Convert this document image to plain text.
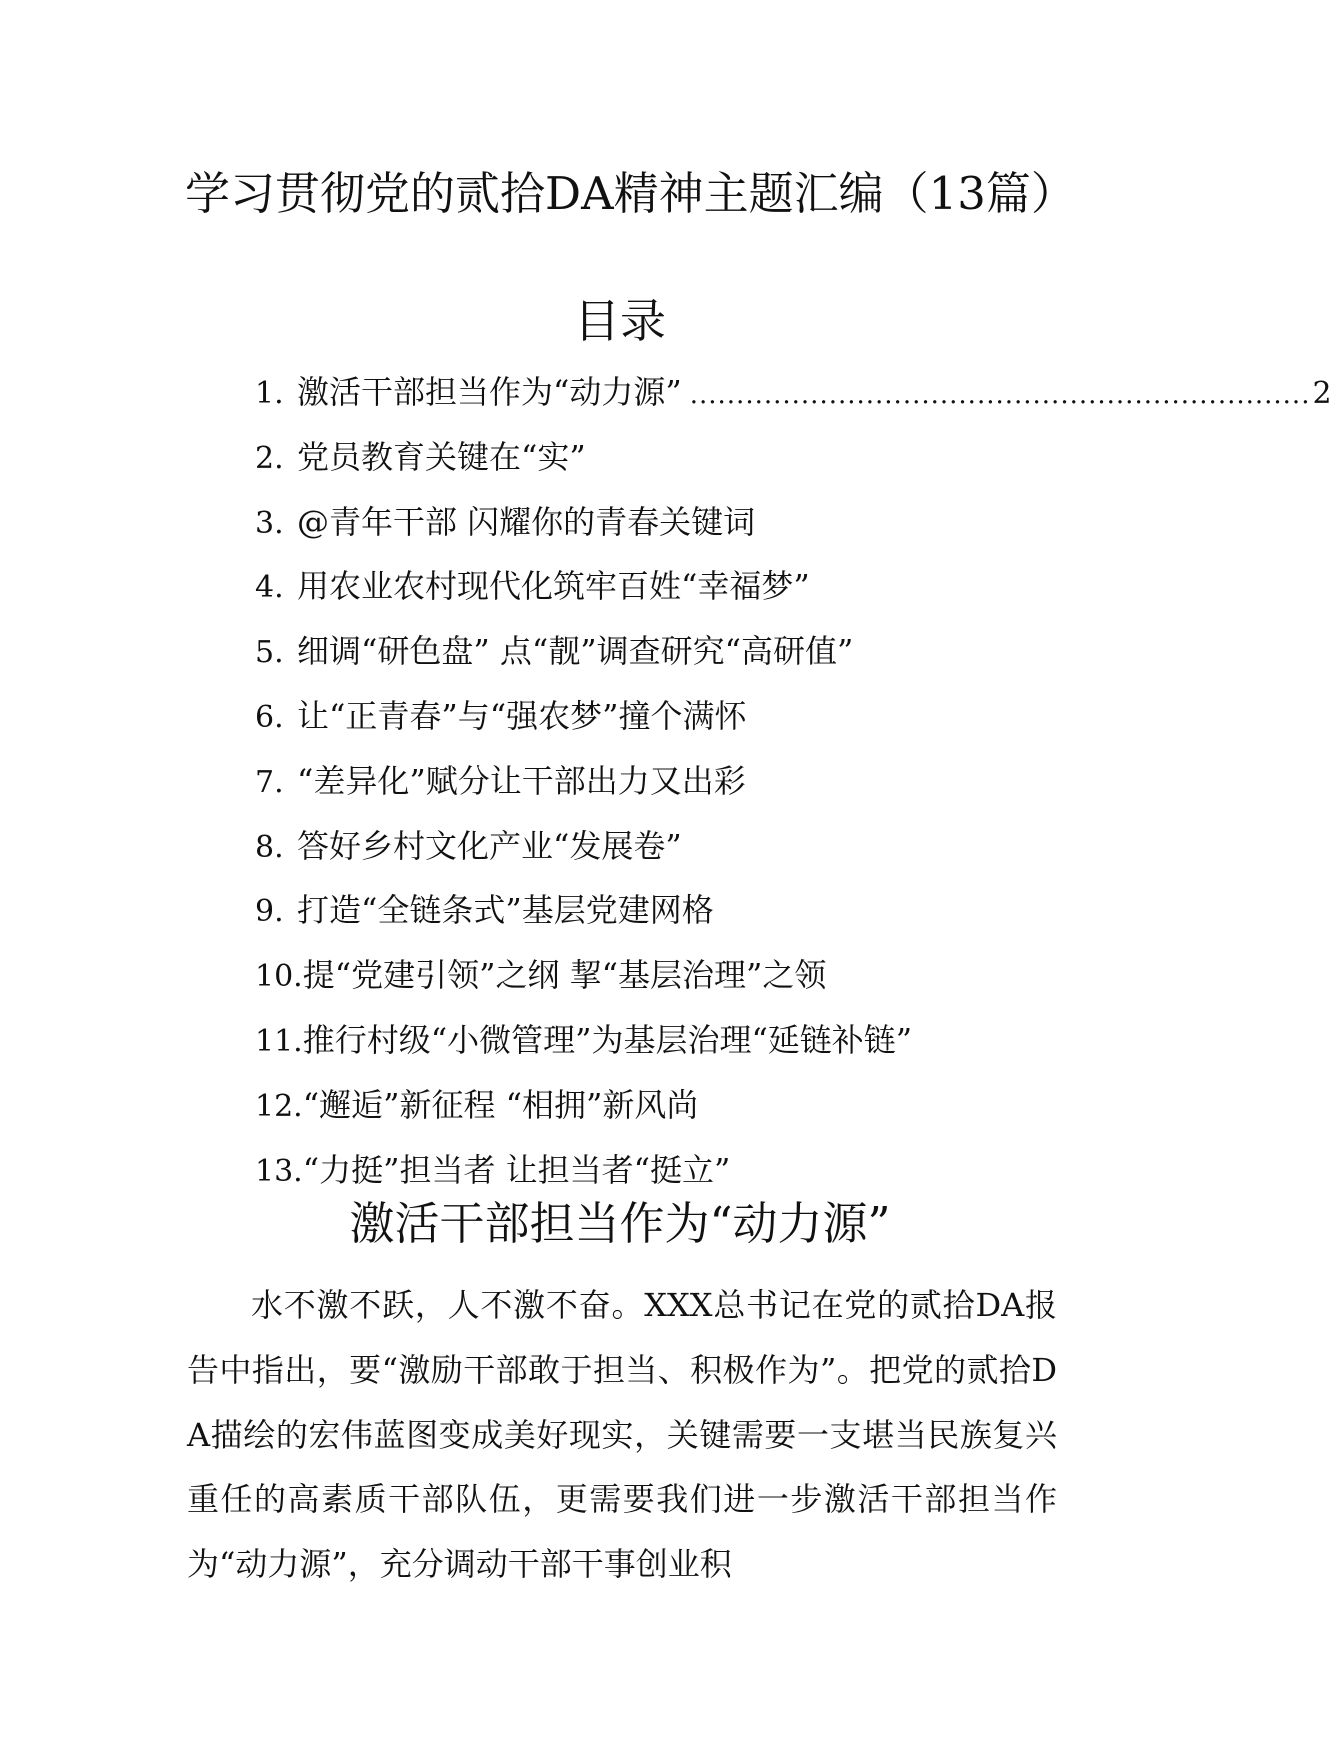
学习贯彻党的贰拾DA精神主题汇编（13篇）
目录
1. 激活干部担当作为“动力源” ................................................................... 2
2. 党员教育关键在“实”
3. @青年干部 闪耀你的青春关键词
4. 用农业农村现代化筑牢百姓“幸福梦”
5. 细调“研色盘” 点“靓”调查研究“高研值”
6. 让“正青春”与“强农梦”撞个满怀
7. “差异化”赋分让干部出力又出彩
8. 答好乡村文化产业“发展卷”
9. 打造“全链条式”基层党建网格
10. 提“党建引领”之纲 挈“基层治理”之领
11. 推行村级“小微管理”为基层治理“延链补链”
12. “邂逅”新征程 “相拥”新风尚
13. “力挺”担当者 让担当者“挺立”
激活干部担当作为“动力源”

水不激不跃，人不激不奋。XXX总书记在党的贰拾DA报告中指出，要“激励干部敢于担当、积极作为”。把党的贰拾DA描绘的宏伟蓝图变成美好现实，关键需要一支堪当民族复兴重任的高素质干部队伍，更需要我们进一步激活干部担当作为“动力源”，充分调动干部干事创业积
